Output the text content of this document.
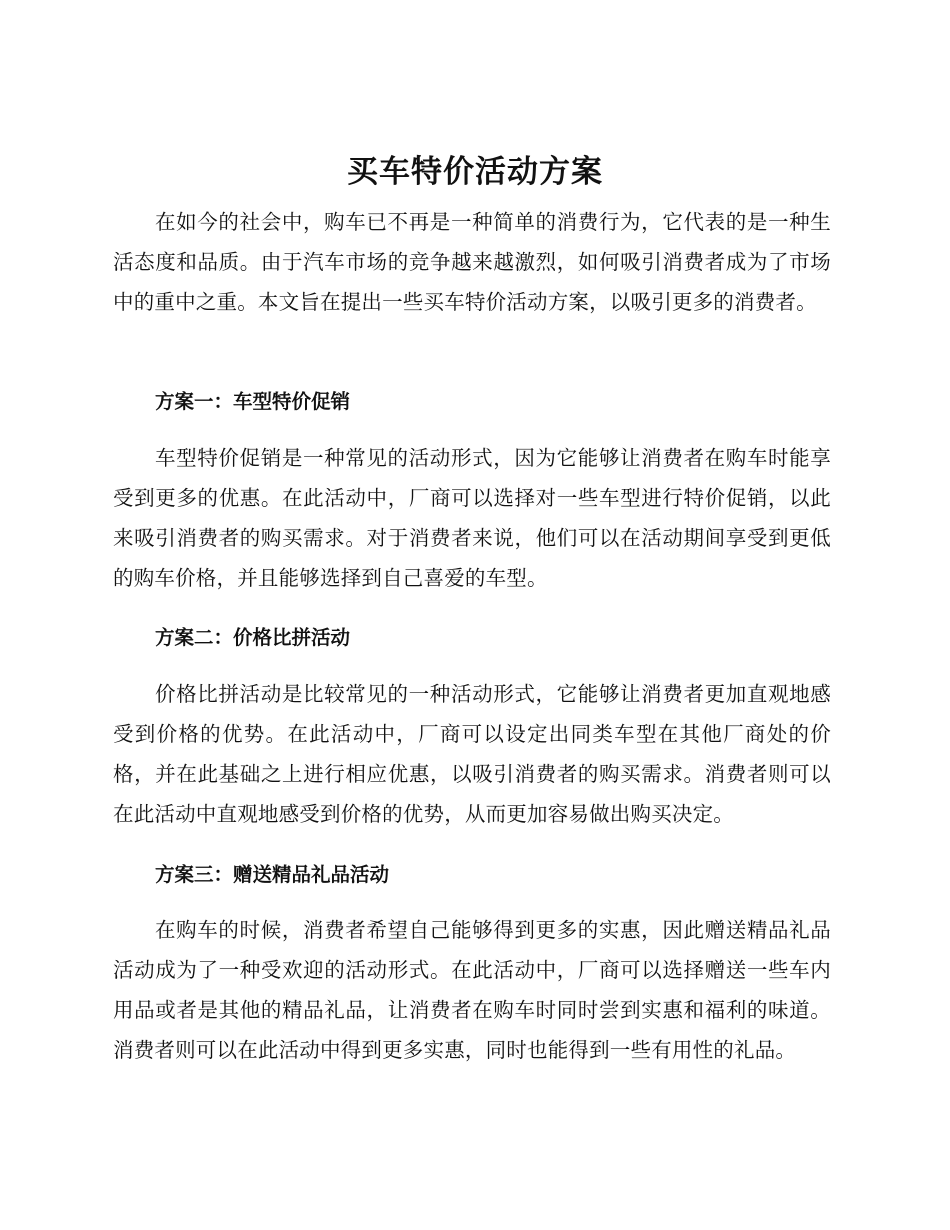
买车特价活动方案

在如今的社会中，购车已不再是一种简单的消费行为，它代表的是一种生活态度和品质。由于汽车市场的竞争越来越激烈，如何吸引消费者成为了市场中的重中之重。本文旨在提出一些买车特价活动方案，以吸引更多的消费者。

方案一：车型特价促销

车型特价促销是一种常见的活动形式，因为它能够让消费者在购车时能享受到更多的优惠。在此活动中，厂商可以选择对一些车型进行特价促销，以此来吸引消费者的购买需求。对于消费者来说，他们可以在活动期间享受到更低的购车价格，并且能够选择到自己喜爱的车型。

方案二：价格比拼活动

价格比拼活动是比较常见的一种活动形式，它能够让消费者更加直观地感受到价格的优势。在此活动中，厂商可以设定出同类车型在其他厂商处的价格，并在此基础之上进行相应优惠，以吸引消费者的购买需求。消费者则可以在此活动中直观地感受到价格的优势，从而更加容易做出购买决定。

方案三：赠送精品礼品活动

在购车的时候，消费者希望自己能够得到更多的实惠，因此赠送精品礼品活动成为了一种受欢迎的活动形式。在此活动中，厂商可以选择赠送一些车内用品或者是其他的精品礼品，让消费者在购车时同时尝到实惠和福利的味道。消费者则可以在此活动中得到更多实惠，同时也能得到一些有用性的礼品。
